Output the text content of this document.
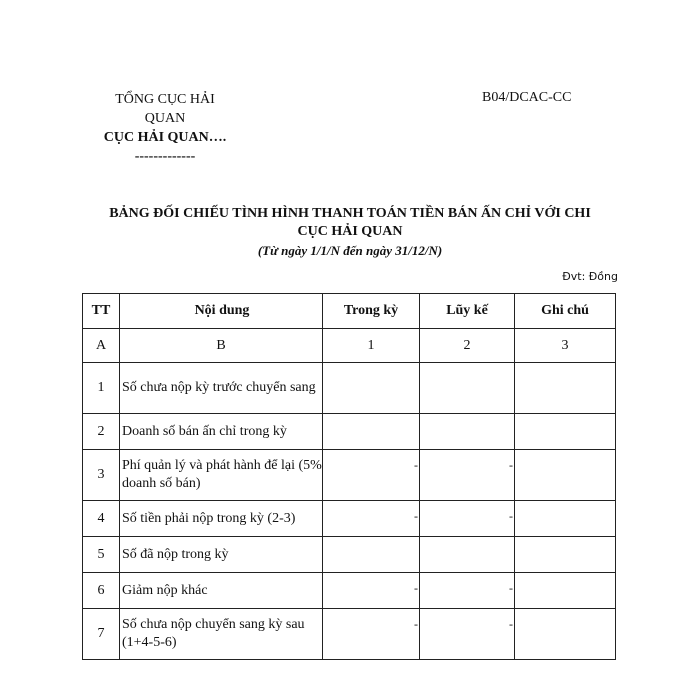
TỔNG CỤC HẢI
QUAN
CỤC HẢI QUAN….
-------------
B04/DCAC-CC
BẢNG ĐỐI CHIẾU TÌNH HÌNH THANH TOÁN TIỀN BÁN ẤN CHỈ VỚI CHI
CỤC HẢI QUAN
(Từ ngày 1/1/N đến ngày 31/12/N)
Đvt: Đồng
TT	Nội dung	Trong kỳ	Lũy kế	Ghi chú
A	B	1	2	3
1	Số chưa nộp kỳ trước chuyển sang	

2	Doanh số bán ấn chỉ trong kỳ	

3	Phí quản lý và phát hành để lại (5% doanh số bán)	-	-	

4	Số tiền phải nộp trong kỳ (2-3)	-	-	

5	Số đã nộp trong kỳ	

6	Giảm nộp khác	-	-	

7	Số chưa nộp chuyển sang kỳ sau (1+4-5-6)	-	-	
